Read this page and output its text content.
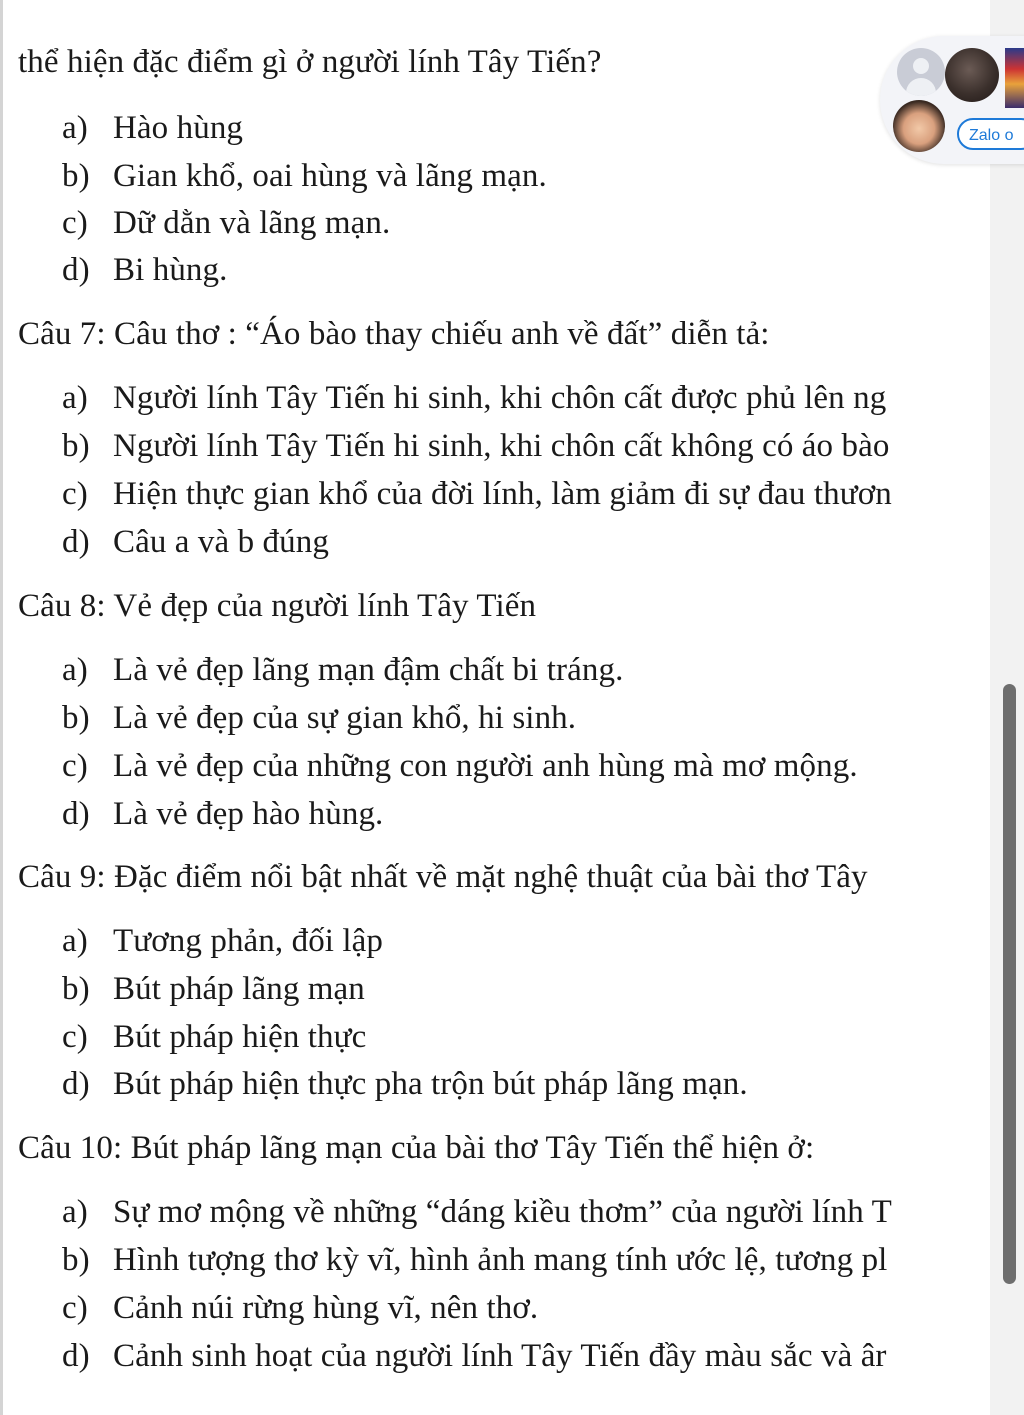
thể hiện đặc điểm gì ở người lính Tây Tiến?
a) Hào hùng
b) Gian khổ, oai hùng và lãng mạn.
c) Dữ dằn và lãng mạn.
d) Bi hùng.
Câu 7: Câu thơ : “Áo bào thay chiếu anh về đất” diễn tả:
a) Người lính Tây Tiến hi sinh, khi chôn cất được phủ lên ng
b) Người lính Tây Tiến hi sinh, khi chôn cất không có áo bào
c) Hiện thực gian khổ của đời lính, làm giảm đi sự đau thươn
d) Câu a và b đúng
Câu 8: Vẻ đẹp của người lính Tây Tiến
a) Là vẻ đẹp lãng mạn đậm chất bi tráng.
b) Là vẻ đẹp của sự gian khổ, hi sinh.
c) Là vẻ đẹp của những con người anh hùng mà mơ mộng.
d) Là vẻ đẹp hào hùng.
Câu 9: Đặc điểm nổi bật nhất về mặt nghệ thuật của bài thơ Tây
a) Tương phản, đối lập
b) Bút pháp lãng mạn
c) Bút pháp hiện thực
d) Bút pháp hiện thực pha trộn bút pháp lãng mạn.
Câu 10: Bút pháp lãng mạn của bài thơ Tây Tiến thể hiện ở:
a) Sự mơ mộng về những “dáng kiều thơm” của người lính T
b) Hình tượng thơ kỳ vĩ, hình ảnh mang tính ước lệ, tương pl
c) Cảnh núi rừng hùng vĩ, nên thơ.
d) Cảnh sinh hoạt của người lính Tây Tiến đầy màu sắc và âr
Zalo o
